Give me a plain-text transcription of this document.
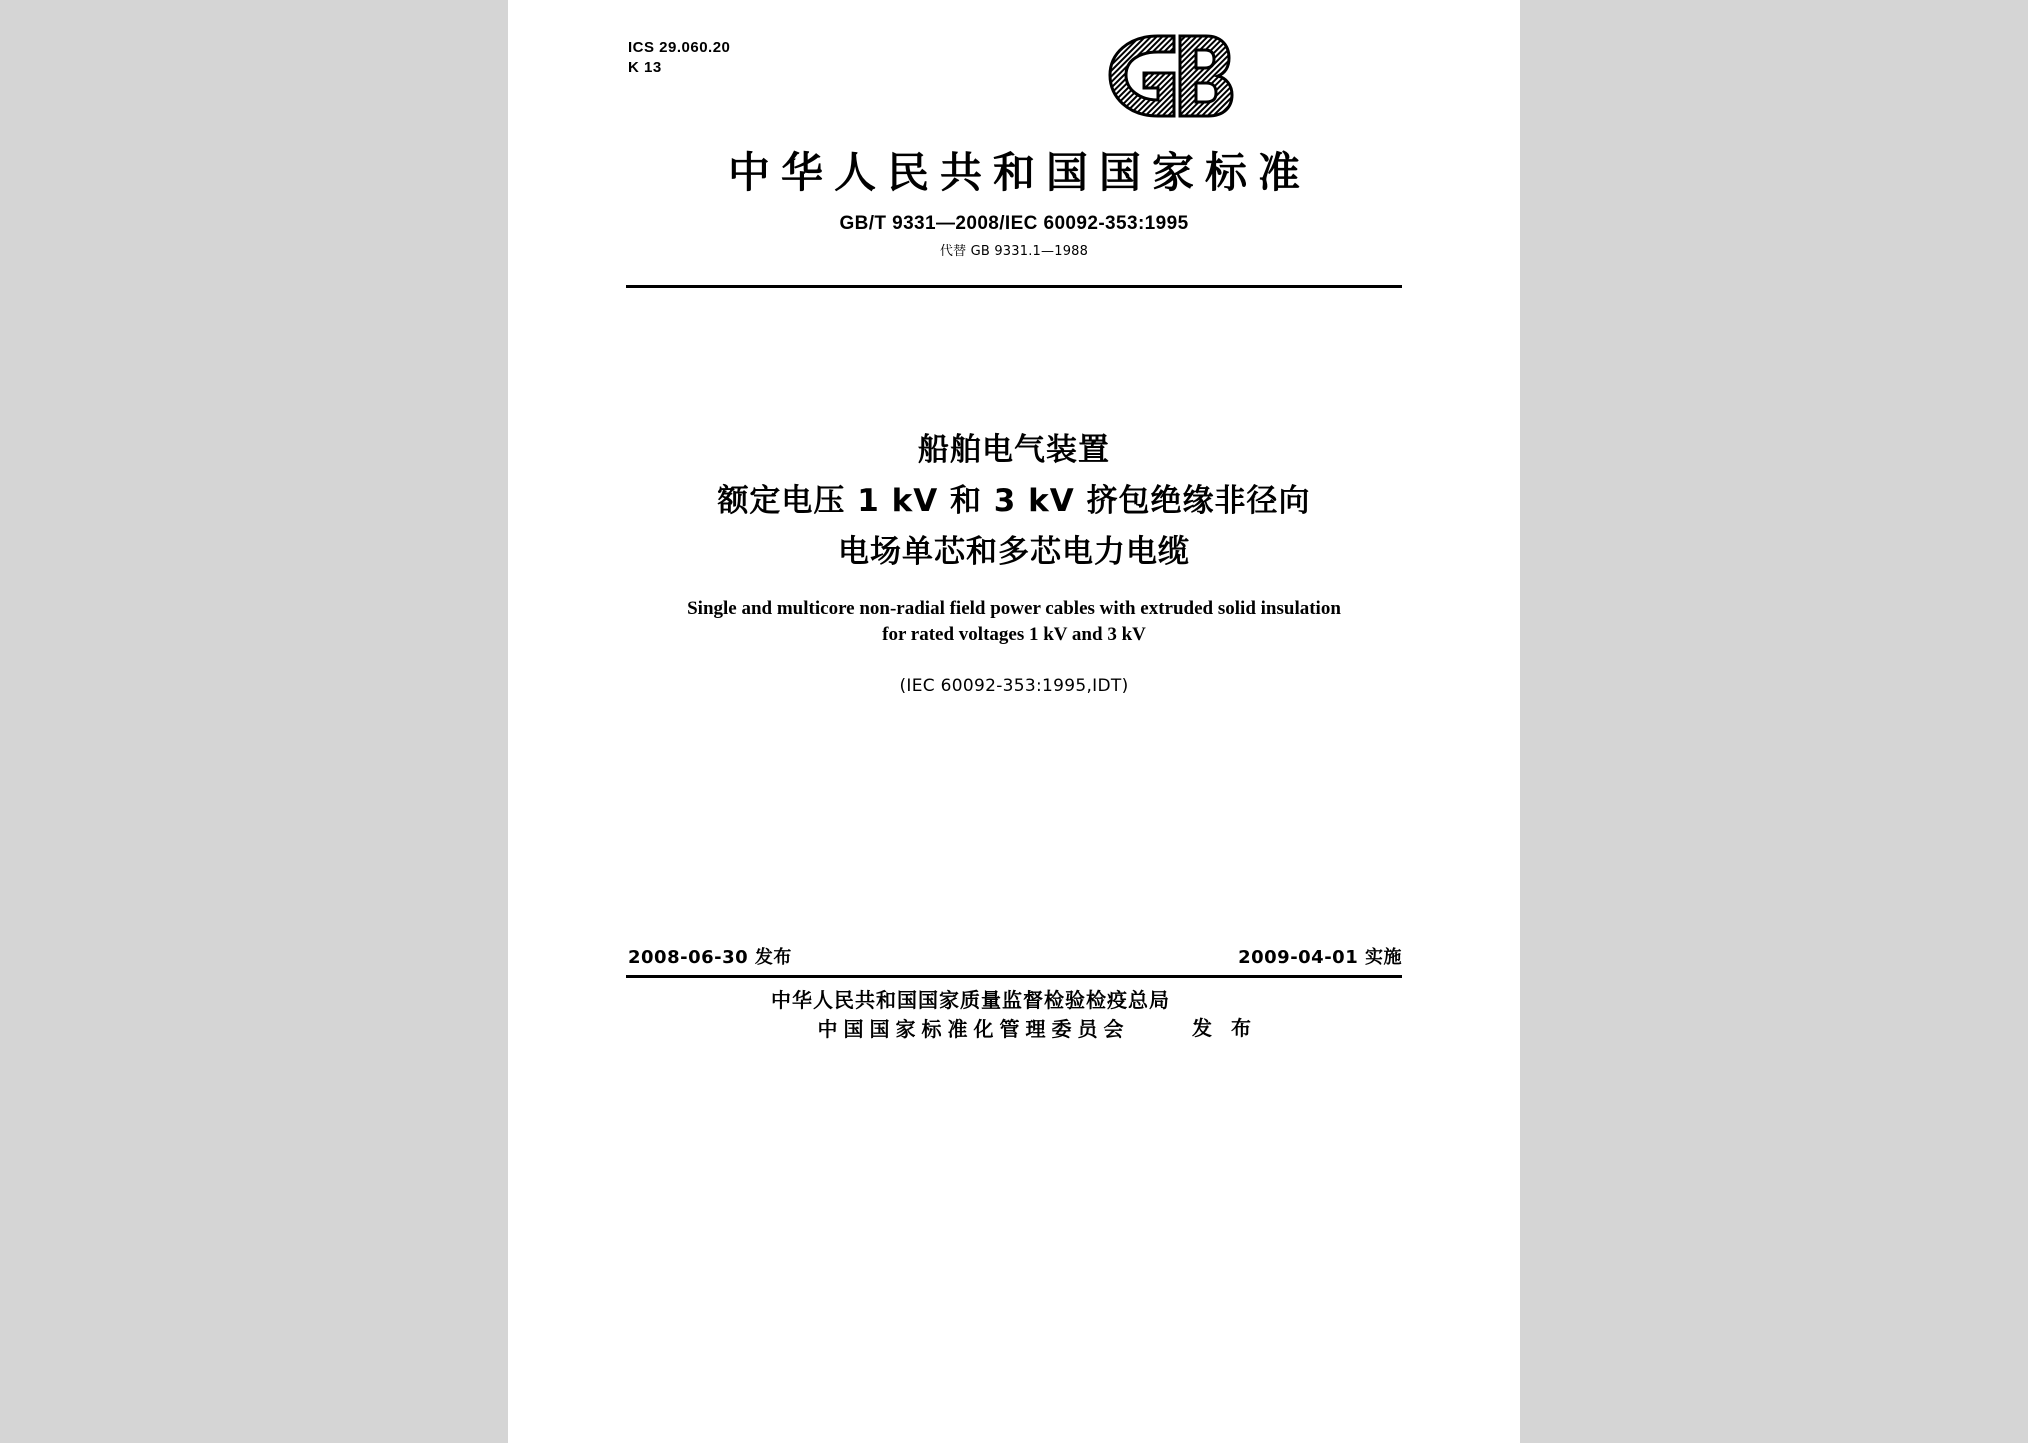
ICS 29.060.20
K 13
中华人民共和国国家标准
GB/T 9331—2008/IEC 60092-353:1995
代替 GB 9331.1—1988
船舶电气装置
额定电压 1 kV 和 3 kV 挤包绝缘非径向
电场单芯和多芯电力电缆
Single and multicore non-radial field power cables with extruded solid insulation
for rated voltages 1 kV and 3 kV
(IEC 60092-353:1995,IDT)
2008-06-30 发布	2009-04-01 实施
中华人民共和国国家质量监督检验检疫总局
中国国家标准化管理委员会	发 布
